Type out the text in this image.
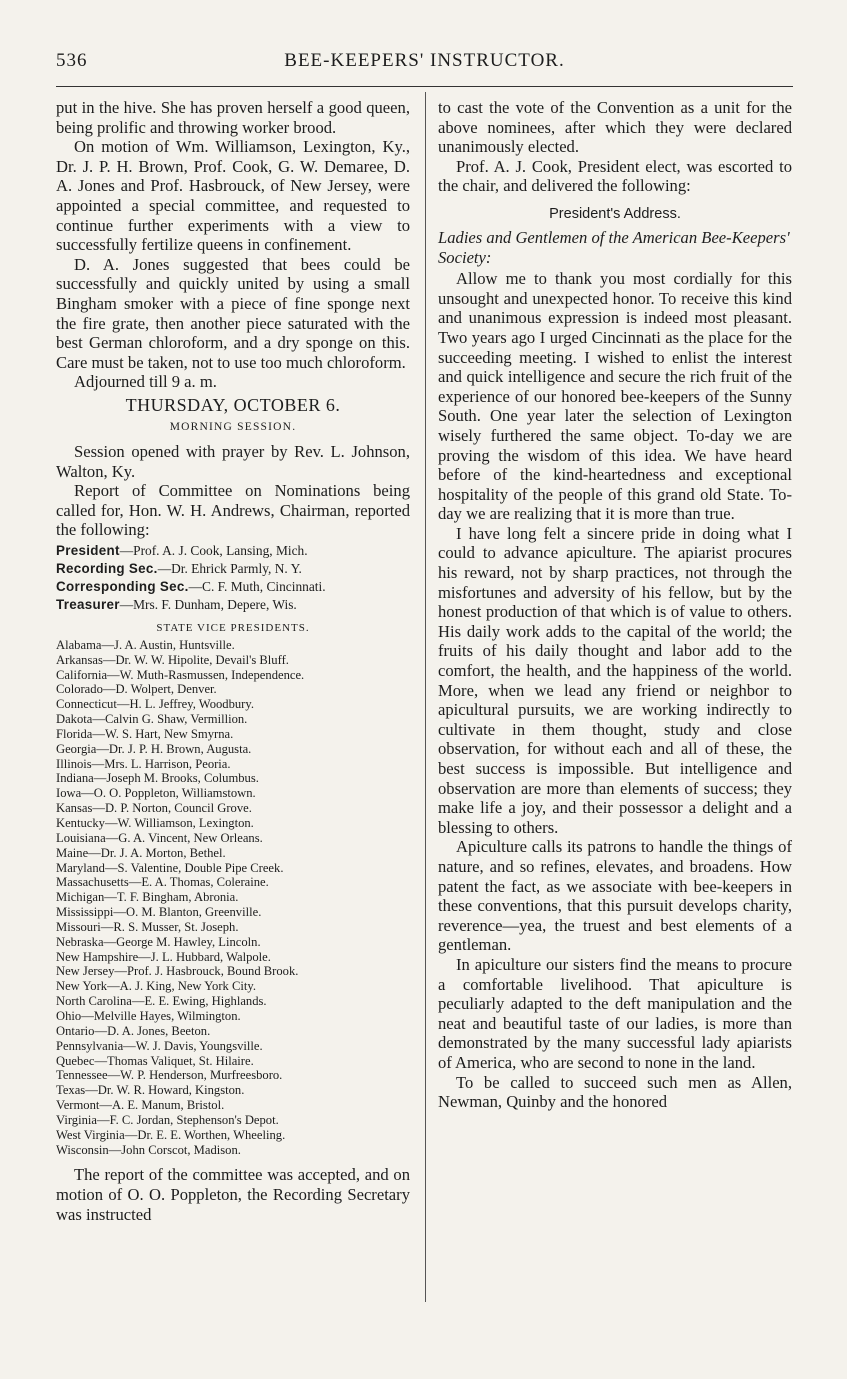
536	BEE-KEEPERS' INSTRUCTOR.

put in the hive. She has proven herself a good queen, being prolific and throwing worker brood.

On motion of Wm. Williamson, Lexington, Ky., Dr. J. P. H. Brown, Prof. Cook, G. W. Demaree, D. A. Jones and Prof. Hasbrouck, of New Jersey, were appointed a special committee, and requested to continue further experiments with a view to successfully fertilize queens in confinement.

D. A. Jones suggested that bees could be successfully and quickly united by using a small Bingham smoker with a piece of fine sponge next the fire grate, then another piece saturated with the best German chloroform, and a dry sponge on this. Care must be taken, not to use too much chloroform.

Adjourned till 9 a. m.

THURSDAY, OCTOBER 6.

MORNING SESSION.

Session opened with prayer by Rev. L. Johnson, Walton, Ky.

Report of Committee on Nominations being called for, Hon. W. H. Andrews, Chairman, reported the following:

President—Prof. A. J. Cook, Lansing, Mich.

Recording Sec.—Dr. Ehrick Parmly, N. Y.

Corresponding Sec.—C. F. Muth, Cincinnati.

Treasurer—Mrs. F. Dunham, Depere, Wis.

STATE VICE PRESIDENTS.

Alabama—J. A. Austin, Huntsville.

Arkansas—Dr. W. W. Hipolite, Devail's Bluff.

California—W. Muth-Rasmussen, Independence.

Colorado—D. Wolpert, Denver.

Connecticut—H. L. Jeffrey, Woodbury.

Dakota—Calvin G. Shaw, Vermillion.

Florida—W. S. Hart, New Smyrna.

Georgia—Dr. J. P. H. Brown, Augusta.

Illinois—Mrs. L. Harrison, Peoria.

Indiana—Joseph M. Brooks, Columbus.

Iowa—O. O. Poppleton, Williamstown.

Kansas—D. P. Norton, Council Grove.

Kentucky—W. Williamson, Lexington.

Louisiana—G. A. Vincent, New Orleans.

Maine—Dr. J. A. Morton, Bethel.

Maryland—S. Valentine, Double Pipe Creek.

Massachusetts—E. A. Thomas, Coleraine.

Michigan—T. F. Bingham, Abronia.

Mississippi—O. M. Blanton, Greenville.

Missouri—R. S. Musser, St. Joseph.

Nebraska—George M. Hawley, Lincoln.

New Hampshire—J. L. Hubbard, Walpole.

New Jersey—Prof. J. Hasbrouck, Bound Brook.

New York—A. J. King, New York City.

North Carolina—E. E. Ewing, Highlands.

Ohio—Melville Hayes, Wilmington.

Ontario—D. A. Jones, Beeton.

Pennsylvania—W. J. Davis, Youngsville.

Quebec—Thomas Valiquet, St. Hilaire.

Tennessee—W. P. Henderson, Murfreesboro.

Texas—Dr. W. R. Howard, Kingston.

Vermont—A. E. Manum, Bristol.

Virginia—F. C. Jordan, Stephenson's Depot.

West Virginia—Dr. E. E. Worthen, Wheeling.

Wisconsin—John Corscot, Madison.

The report of the committee was accepted, and on motion of O. O. Poppleton, the Recording Secretary was instructed

to cast the vote of the Convention as a unit for the above nominees, after which they were declared unanimously elected.

Prof. A. J. Cook, President elect, was escorted to the chair, and delivered the following:

President's Address.

Ladies and Gentlemen of the American Bee-Keepers' Society:

Allow me to thank you most cordially for this unsought and unexpected honor. To receive this kind and unanimous expression is indeed most pleasant. Two years ago I urged Cincinnati as the place for the succeeding meeting. I wished to enlist the interest and quick intelligence and secure the rich fruit of the experience of our honored bee-keepers of the Sunny South. One year later the selection of Lexington wisely furthered the same object. To-day we are proving the wisdom of this idea. We have heard before of the kind-heartedness and exceptional hospitality of the people of this grand old State. To-day we are realizing that it is more than true.

I have long felt a sincere pride in doing what I could to advance apiculture. The apiarist procures his reward, not by sharp practices, not through the misfortunes and adversity of his fellow, but by the honest production of that which is of value to others. His daily work adds to the capital of the world; the fruits of his daily thought and labor add to the comfort, the health, and the happiness of the world. More, when we lead any friend or neighbor to apicultural pursuits, we are working indirectly to cultivate in them thought, study and close observation, for without each and all of these, the best success is impossible. But intelligence and observation are more than elements of success; they make life a joy, and their possessor a delight and a blessing to others.

Apiculture calls its patrons to handle the things of nature, and so refines, elevates, and broadens. How patent the fact, as we associate with bee-keepers in these conventions, that this pursuit develops charity, reverence—yea, the truest and best elements of a gentleman.

In apiculture our sisters find the means to procure a comfortable livelihood. That apiculture is peculiarly adapted to the deft manipulation and the neat and beautiful taste of our ladies, is more than demonstrated by the many successful lady apiarists of America, who are second to none in the land.

To be called to succeed such men as Allen, Newman, Quinby and the honored
